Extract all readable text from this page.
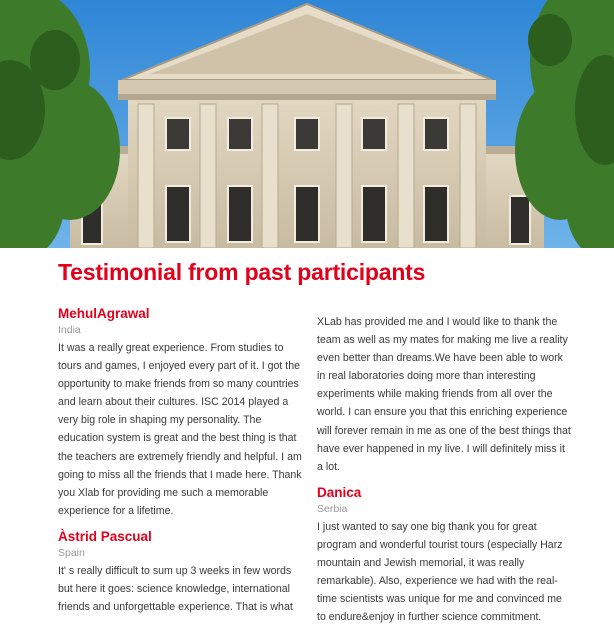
Testimonial from past participants

MehulAgrawal

India

It was a really great experience. From studies to tours and games, I enjoyed every part of it. I got the opportunity to make friends from so many countries and learn about their cultures. ISC 2014 played a very big role in shaping my personality. The education system is great and the best thing is that the teachers are extremely friendly and helpful. I am going to miss all the friends that I made here. Thank you Xlab for providing me such a memorable experience for a lifetime.

Àstrid Pascual

Spain

It' s really difficult to sum up 3 weeks in few words but here it goes: science knowledge, international friends and unforgettable experience. That is what

XLab has provided me and I would like to thank the team as well as my mates for making me live a reality even better than dreams.We have been able to work in real laboratories doing more than interesting experiments while making friends from all over the world. I can ensure you that this enriching experience will forever remain in me as one of the best things that have ever happened in my live. I will definitely miss it a lot.

Danica

Serbia

I just wanted to say one big thank you for great program and wonderful tourist tours (especially Harz mountain and Jewish memorial, it was really remarkable). Also, experience we had with the real-time scientists was unique for me and convinced me to endure&enjoy in further science commitment.
